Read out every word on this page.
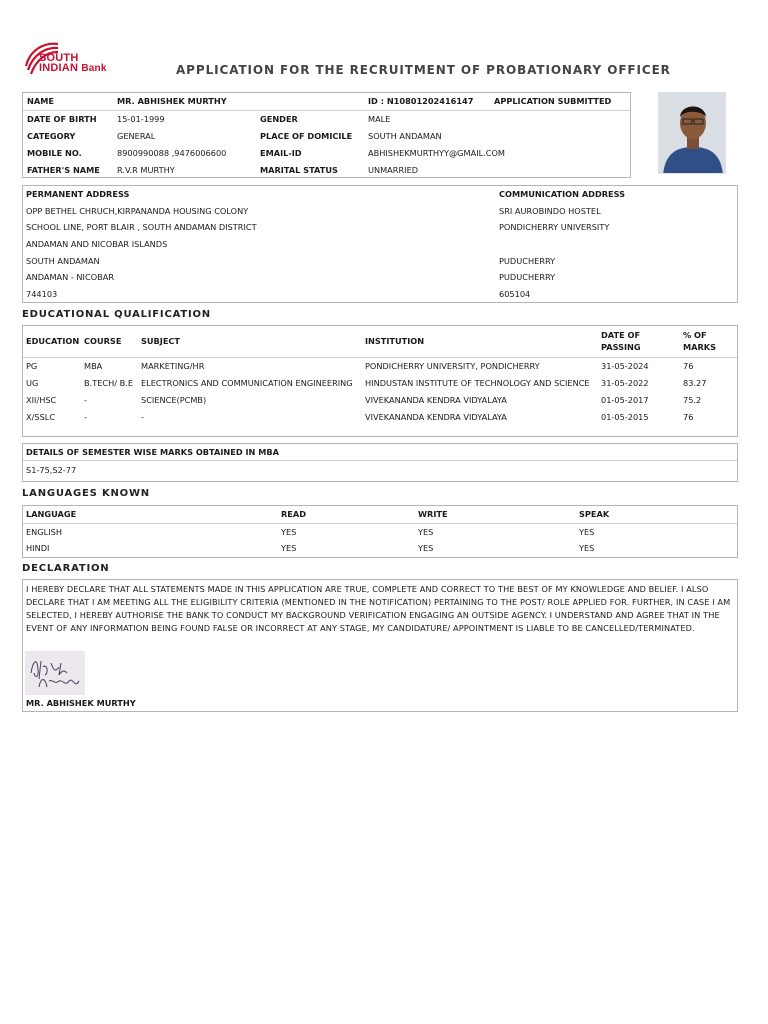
SOUTH
INDIAN Bank	APPLICATION FOR THE RECRUITMENT OF PROBATIONARY OFFICER
NAME	MR. ABHISHEK MURTHY		ID : N10801202416147	APPLICATION SUBMITTED
DATE OF BIRTH	15-01-1999	GENDER	MALE	
CATEGORY	GENERAL	PLACE OF DOMICILE	SOUTH ANDAMAN	
MOBILE NO.	8900990088 ,9476006600	EMAIL-ID	ABHISHEKMURTHYY@GMAIL.COM	
FATHER'S NAME	R.V.R MURTHY	MARITAL STATUS	UNMARRIED	
PERMANENT ADDRESS	COMMUNICATION ADDRESS
OPP BETHEL CHRUCH,KIRPANANDA HOUSING COLONY	SRI AUROBINDO HOSTEL
SCHOOL LINE, PORT BLAIR , SOUTH ANDAMAN DISTRICT	PONDICHERRY UNIVERSITY
ANDAMAN AND NICOBAR ISLANDS	
SOUTH ANDAMAN	PUDUCHERRY
ANDAMAN - NICOBAR	PUDUCHERRY
744103	605104
EDUCATIONAL QUALIFICATION
EDUCATION	COURSE	SUBJECT	INSTITUTION	DATE OF PASSING	% OF MARKS
PG	MBA	MARKETING/HR	PONDICHERRY UNIVERSITY, PONDICHERRY	31-05-2024	76
UG	B.TECH/ B.E	ELECTRONICS AND COMMUNICATION ENGINEERING	HINDUSTAN INSTITUTE OF TECHNOLOGY AND SCIENCE	31-05-2022	83.27
XII/HSC	-	SCIENCE(PCMB)	VIVEKANANDA KENDRA VIDYALAYA	01-05-2017	75.2
X/SSLC	-	-	VIVEKANANDA KENDRA VIDYALAYA	01-05-2015	76
DETAILS OF SEMESTER WISE MARKS OBTAINED IN MBA
S1-75,S2-77
LANGUAGES KNOWN
LANGUAGE	READ	WRITE	SPEAK
ENGLISH	YES	YES	YES
HINDI	YES	YES	YES
DECLARATION
I HEREBY DECLARE THAT ALL STATEMENTS MADE IN THIS APPLICATION ARE TRUE, COMPLETE AND CORRECT TO THE BEST OF MY KNOWLEDGE AND BELIEF. I ALSO DECLARE THAT I AM MEETING ALL THE ELIGIBILITY CRITERIA (MENTIONED IN THE NOTIFICATION) PERTAINING TO THE POST/ ROLE APPLIED FOR. FURTHER, IN CASE I AM SELECTED, I HEREBY AUTHORISE THE BANK TO CONDUCT MY BACKGROUND VERIFICATION ENGAGING AN OUTSIDE AGENCY. I UNDERSTAND AND AGREE THAT IN THE EVENT OF ANY INFORMATION BEING FOUND FALSE OR INCORRECT AT ANY STAGE, MY CANDIDATURE/ APPOINTMENT IS LIABLE TO BE CANCELLED/TERMINATED.
MR. ABHISHEK MURTHY
